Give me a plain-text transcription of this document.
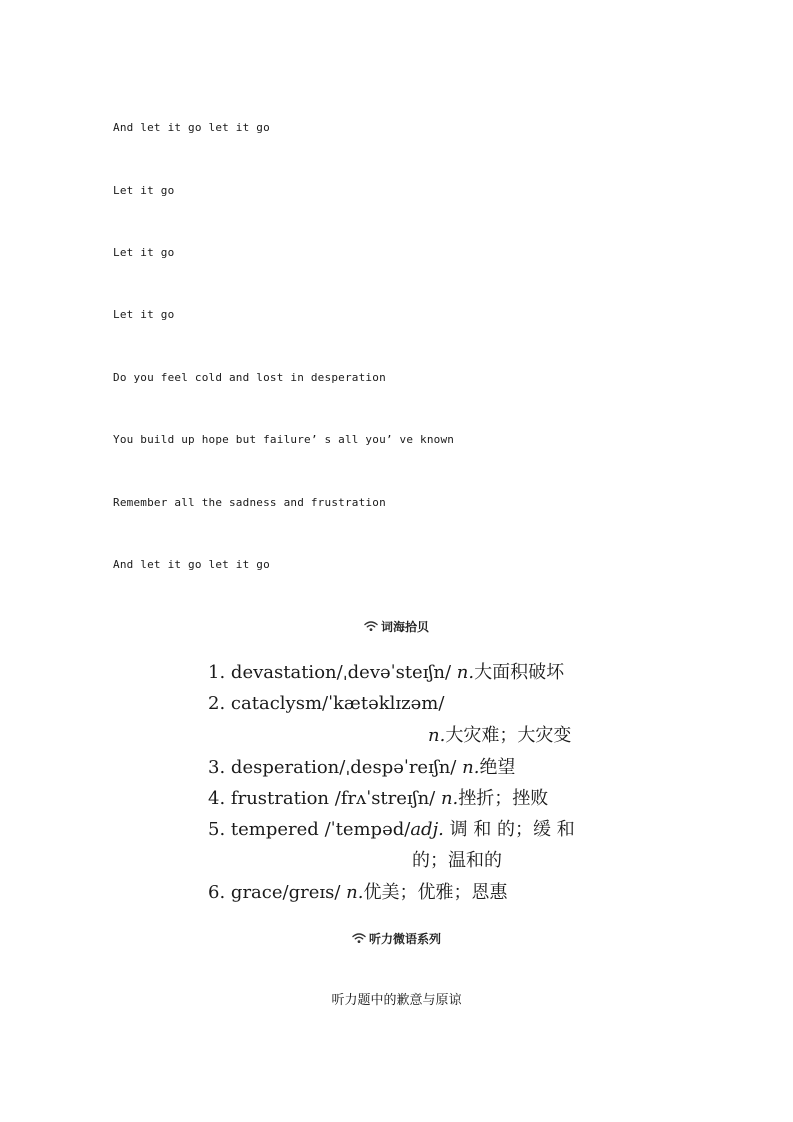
And let it go let it go
Let it go
Let it go
Let it go
Do you feel cold and lost in desperation
You build up hope but failure’ s all you’ ve known
Remember all the sadness and frustration
And let it go let it go
词海拾贝
1. devastation/ˌdevəˈsteɪʃn/ n.大面积破坏
2. cataclysm/ˈkætəklɪzəm/
n.大灾难；大灾变
3. desperation/ˌdespəˈreɪʃn/ n.绝望
4. frustration /frʌˈstreɪʃn/ n.挫折；挫败
5. tempered /ˈtempəd/adj. 调 和 的；缓 和
的；温和的
6. grace/greɪs/ n.优美；优雅；恩惠
听力微语系列
听力题中的歉意与原谅
